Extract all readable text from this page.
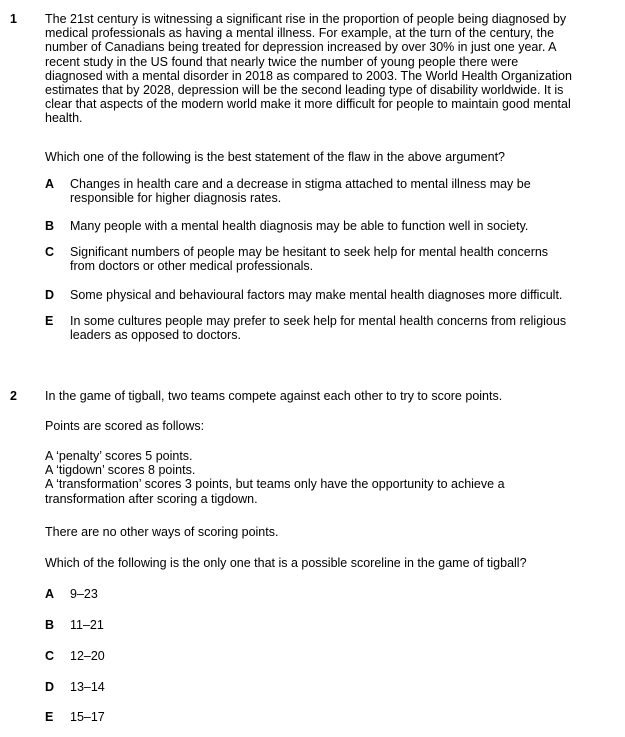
1 The 21st century is witnessing a significant rise in the proportion of people being diagnosed by
medical professionals as having a mental illness. For example, at the turn of the century, the
number of Canadians being treated for depression increased by over 30% in just one year. A
recent study in the US found that nearly twice the number of young people there were
diagnosed with a mental disorder in 2018 as compared to 2003. The World Health Organization
estimates that by 2028, depression will be the second leading type of disability worldwide. It is
clear that aspects of the modern world make it more difficult for people to maintain good mental
health.
Which one of the following is the best statement of the flaw in the above argument?
A Changes in health care and a decrease in stigma attached to mental illness may be
responsible for higher diagnosis rates.
B Many people with a mental health diagnosis may be able to function well in society.
C Significant numbers of people may be hesitant to seek help for mental health concerns
from doctors or other medical professionals.
D Some physical and behavioural factors may make mental health diagnoses more difficult.
E In some cultures people may prefer to seek help for mental health concerns from religious
leaders as opposed to doctors.
2 In the game of tigball, two teams compete against each other to try to score points.
Points are scored as follows:
A ‘penalty’ scores 5 points.
A ‘tigdown’ scores 8 points.
A ‘transformation’ scores 3 points, but teams only have the opportunity to achieve a
transformation after scoring a tigdown.
There are no other ways of scoring points.
Which of the following is the only one that is a possible scoreline in the game of tigball?
A 9–23
B 11–21
C 12–20
D 13–14
E 15–17
